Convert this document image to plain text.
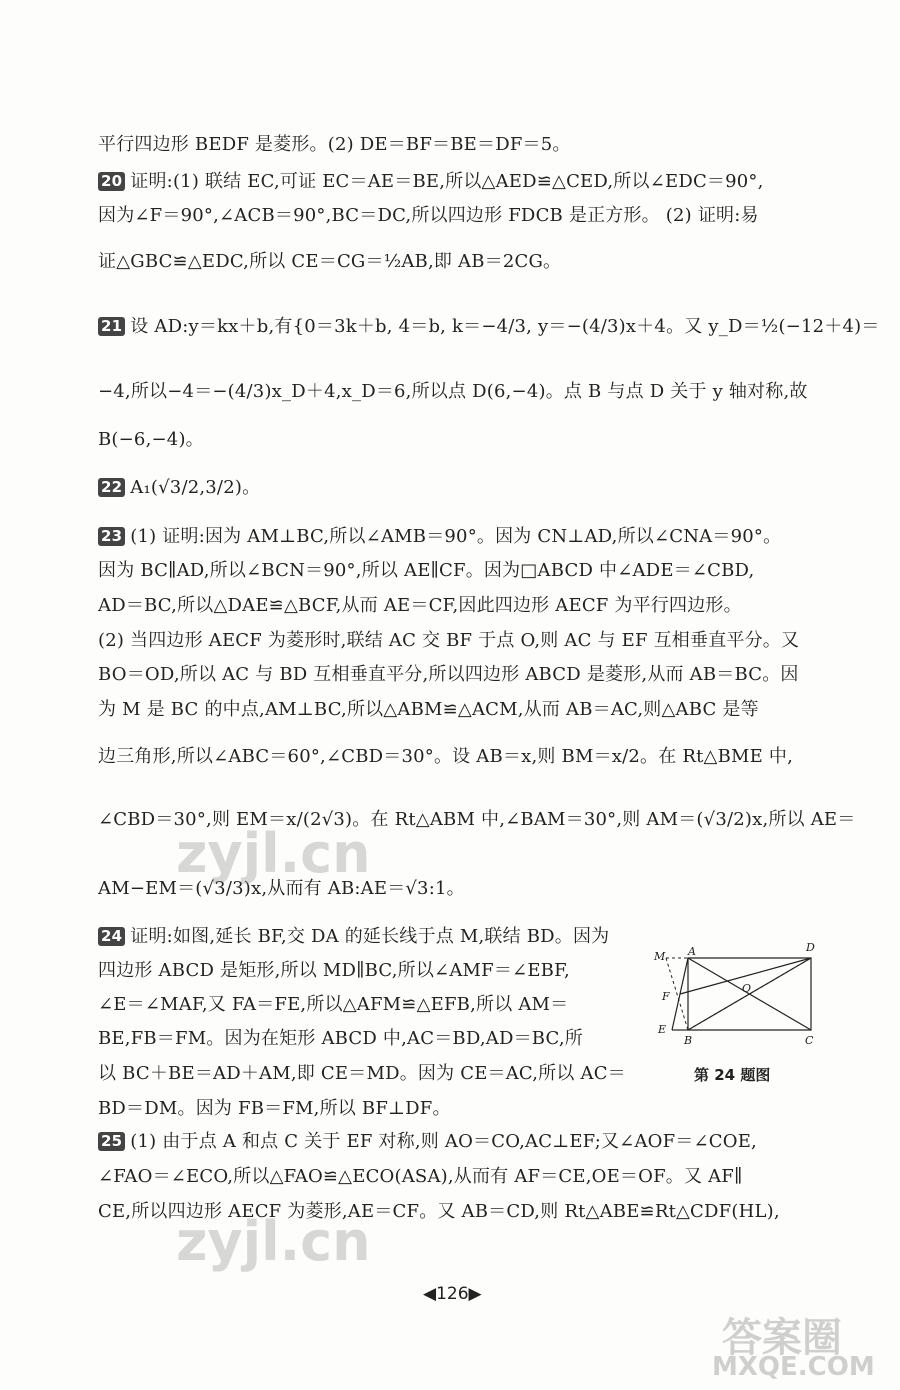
平行四边形 BEDF 是菱形。(2) DE＝BF＝BE＝DF＝5。
20 证明:(1) 联结 EC,可证 EC＝AE＝BE,所以△AED≌△CED,所以∠EDC＝90°,
因为∠F＝90°,∠ACB＝90°,BC＝DC,所以四边形 FDCB 是正方形。 (2) 证明:易
证△GBC≌△EDC,所以 CE＝CG＝½AB,即 AB＝2CG。
21 设 AD:y＝kx＋b,有{0＝3k＋b, 4＝b, k＝−4/3, y＝−(4/3)x＋4。又 y_D＝½(−12＋4)＝
−4,所以−4＝−(4/3)x_D＋4,x_D＝6,所以点 D(6,−4)。点 B 与点 D 关于 y 轴对称,故
B(−6,−4)。
22 A₁(√3/2,3/2)。
23 (1) 证明:因为 AM⊥BC,所以∠AMB＝90°。因为 CN⊥AD,所以∠CNA＝90°。
因为 BC∥AD,所以∠BCN＝90°,所以 AE∥CF。因为□ABCD 中∠ADE＝∠CBD,
AD＝BC,所以△DAE≌△BCF,从而 AE＝CF,因此四边形 AECF 为平行四边形。
(2) 当四边形 AECF 为菱形时,联结 AC 交 BF 于点 O,则 AC 与 EF 互相垂直平分。又
BO＝OD,所以 AC 与 BD 互相垂直平分,所以四边形 ABCD 是菱形,从而 AB＝BC。因
为 M 是 BC 的中点,AM⊥BC,所以△ABM≌△ACM,从而 AB＝AC,则△ABC 是等
边三角形,所以∠ABC＝60°,∠CBD＝30°。设 AB＝x,则 BM＝x/2。在 Rt△BME 中,
∠CBD＝30°,则 EM＝x/(2√3)。在 Rt△ABM 中,∠BAM＝30°,则 AM＝(√3/2)x,所以 AE＝
AM−EM＝(√3/3)x,从而有 AB:AE＝√3:1。
24 证明:如图,延长 BF,交 DA 的延长线于点 M,联结 BD。因为
四边形 ABCD 是矩形,所以 MD∥BC,所以∠AMF＝∠EBF,
∠E＝∠MAF,又 FA＝FE,所以△AFM≌△EFB,所以 AM＝
BE,FB＝FM。因为在矩形 ABCD 中,AC＝BD,AD＝BC,所
以 BC＋BE＝AD＋AM,即 CE＝MD。因为 CE＝AC,所以 AC＝
BD＝DM。因为 FB＝FM,所以 BF⊥DF。
25 (1) 由于点 A 和点 C 关于 EF 对称,则 AO＝CO,AC⊥EF;又∠AOF＝∠COE,
∠FAO＝∠ECO,所以△FAO≌△ECO(ASA),从而有 AF＝CE,OE＝OF。又 AF∥
CE,所以四边形 AECF 为菱形,AE＝CF。又 AB＝CD,则 Rt△ABE≌Rt△CDF(HL),
M A	D
F
O
E
B	C
第 24 题图
◀126▶
zyjl.cn
zyjl.cn
答案圈
MXQE.COM
